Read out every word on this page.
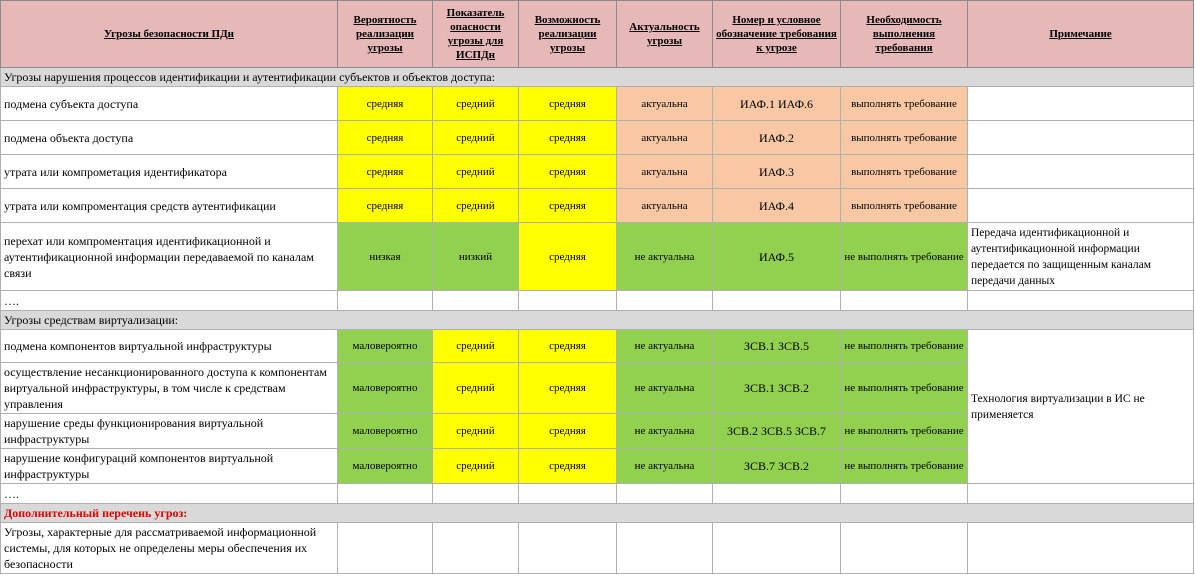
Угрозы безопасности ПДн	Вероятность реализации угрозы	Показатель опасности угрозы для ИСПДн	Возможность реализации угрозы	Актуальность угрозы	Номер и условное обозначение требования к угрозе	Необходимость выполнения требования	Примечание
Угрозы нарушения процессов идентификации и аутентификации субъектов и объектов доступа:							
подмена субъекта доступа	средняя	средний	средняя	актуальна	ИАФ.1 ИАФ.6	выполнять требование	
подмена объекта доступа	средняя	средний	средняя	актуальна	ИАФ.2	выполнять требование	
утрата или компрометация идентификатора	средняя	средний	средняя	актуальна	ИАФ.3	выполнять требование	
утрата или компроментация средств аутентификации	средняя	средний	средняя	актуальна	ИАФ.4	выполнять требование	
перехат или компроментация идентификационной и аутентификационной информации передаваемой по каналам связи	низкая	низкий	средняя	не актуальна	ИАФ.5	не выполнять требование	Передача идентификационной и аутентификационной информации передается по защищенным каналам передачи данных
….							
Угрозы средствам виртуализации:							
подмена компонентов виртуальной инфраструктуры	маловероятно	средний	средняя	не актуальна	ЗСВ.1 ЗСВ.5	не выполнять требование	Технология виртуализации в ИС не применяется
осуществление несанкционированного доступа к компонентам виртуальной инфраструктуры, в том числе к средствам управления	маловероятно	средний	средняя	не актуальна	ЗСВ.1 ЗСВ.2	не выполнять требование	
нарушение среды функционирования виртуальной инфраструктуры	маловероятно	средний	средняя	не актуальна	ЗСВ.2 ЗСВ.5 ЗСВ.7	не выполнять требование	
нарушение конфигураций компонентов виртуальной инфраструктуры	маловероятно	средний	средняя	не актуальна	ЗСВ.7 ЗСВ.2	не выполнять требование	
….							
Дополнительный перечень угроз:							
Угрозы, характерные для рассматриваемой информационной системы, для которых не определены меры обеспечения их безопасности							
